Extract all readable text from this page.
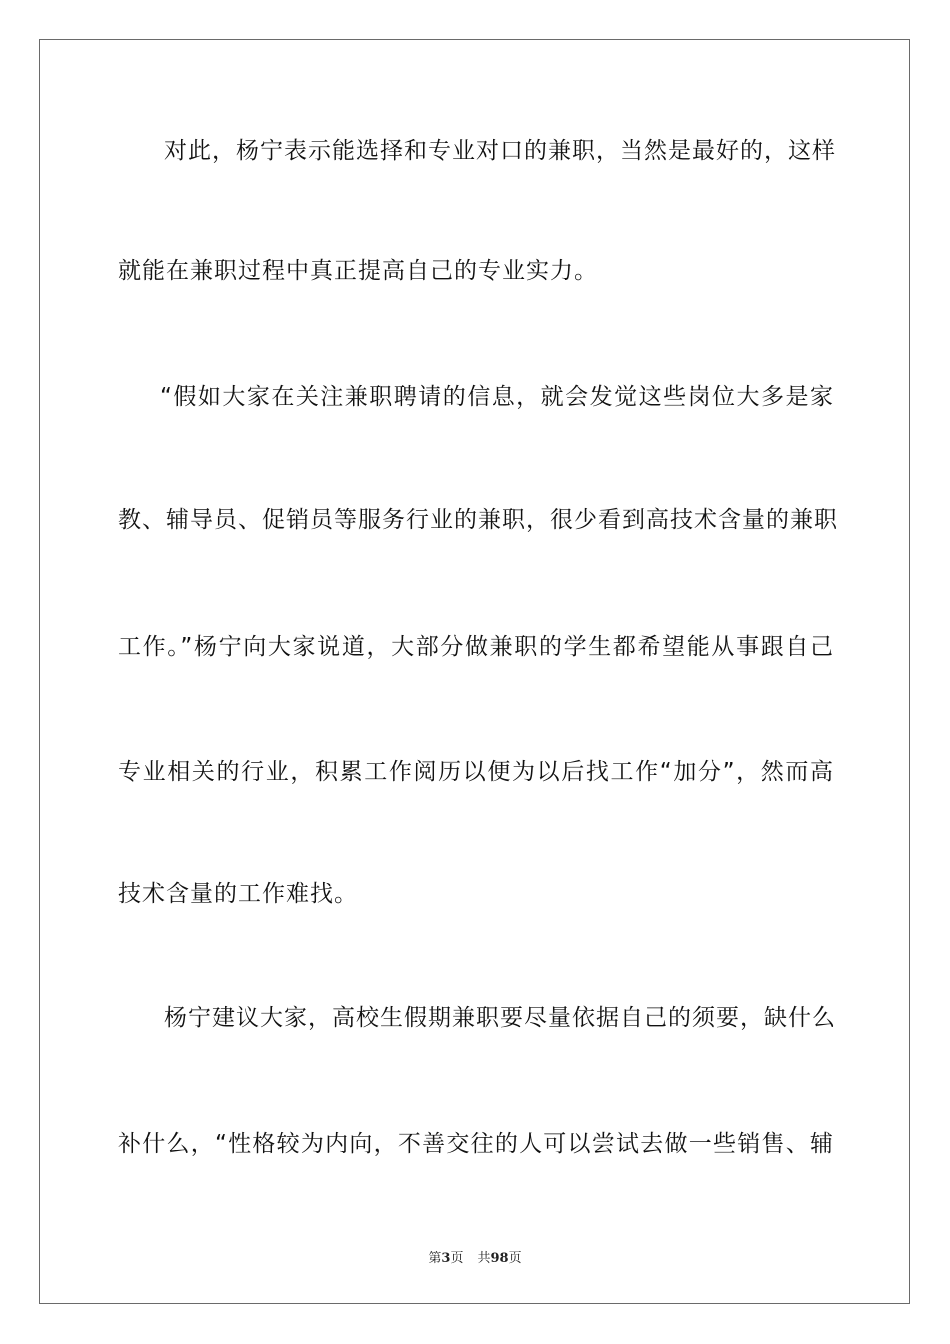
对此，杨宁表示能选择和专业对口的兼职，当然是最好的，这样
就能在兼职过程中真正提高自己的专业实力。
“假如大家在关注兼职聘请的信息，就会发觉这些岗位大多是家
教、辅导员、促销员等服务行业的兼职，很少看到高技术含量的兼职
工作。”杨宁向大家说道，大部分做兼职的学生都希望能从事跟自己
专业相关的行业，积累工作阅历以便为以后找工作“加分”，然而高
技术含量的工作难找。
杨宁建议大家，高校生假期兼职要尽量依据自己的须要，缺什么
补什么，“性格较为内向，不善交往的人可以尝试去做一些销售、辅
第3页 共98页
